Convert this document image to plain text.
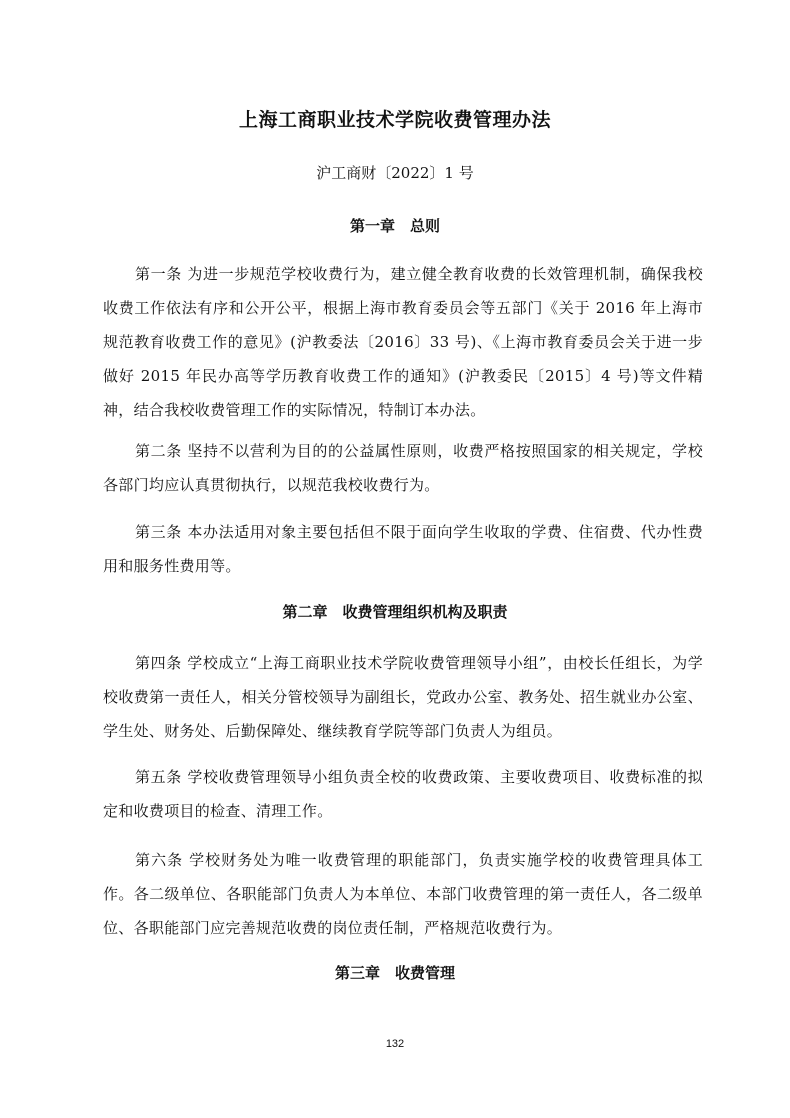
上海工商职业技术学院收费管理办法
沪工商财〔2022〕1 号
第一章　总则
第一条 为进一步规范学校收费行为，建立健全教育收费的长效管理机制，确保我校收费工作依法有序和公开公平，根据上海市教育委员会等五部门《关于 2016 年上海市规范教育收费工作的意见》(沪教委法〔2016〕33 号)、《上海市教育委员会关于进一步做好 2015 年民办高等学历教育收费工作的通知》(沪教委民〔2015〕4 号)等文件精神，结合我校收费管理工作的实际情况，特制订本办法。
第二条 坚持不以营利为目的的公益属性原则，收费严格按照国家的相关规定，学校各部门均应认真贯彻执行，以规范我校收费行为。
第三条 本办法适用对象主要包括但不限于面向学生收取的学费、住宿费、代办性费用和服务性费用等。
第二章　收费管理组织机构及职责
第四条 学校成立“上海工商职业技术学院收费管理领导小组”，由校长任组长，为学校收费第一责任人，相关分管校领导为副组长，党政办公室、教务处、招生就业办公室、学生处、财务处、后勤保障处、继续教育学院等部门负责人为组员。
第五条 学校收费管理领导小组负责全校的收费政策、主要收费项目、收费标准的拟定和收费项目的检查、清理工作。
第六条 学校财务处为唯一收费管理的职能部门，负责实施学校的收费管理具体工作。各二级单位、各职能部门负责人为本单位、本部门收费管理的第一责任人，各二级单位、各职能部门应完善规范收费的岗位责任制，严格规范收费行为。
第三章　收费管理
132
